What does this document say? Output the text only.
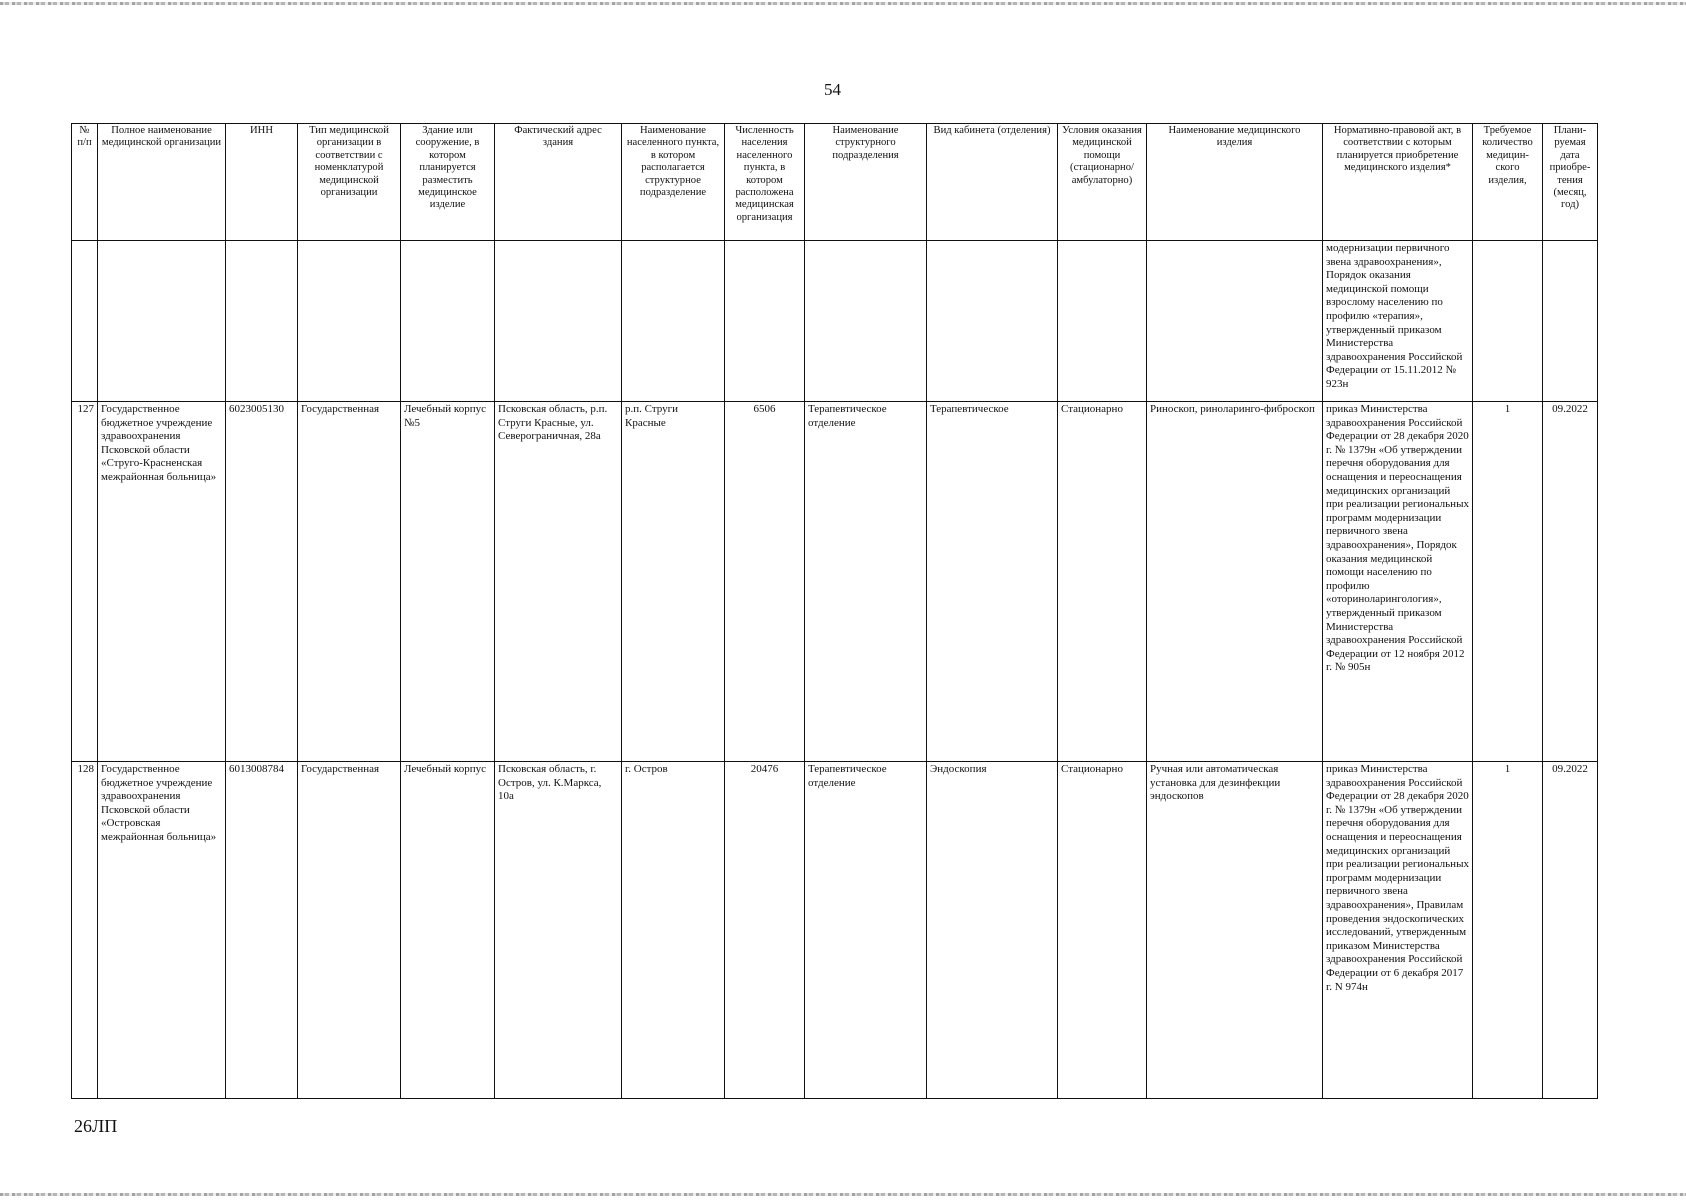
54
№ п/п	Полное наименование медицинской организации	ИНН	Тип медицинской организации в соответствии с номенклатурой медицинской организации	Здание или сооружение, в котором планируется разместить медицинское изделие	Фактический адрес здания	Наименование населенного пункта, в котором располагается структурное подразделение	Численность населения населенного пункта, в котором расположена медицинская организация	Наименование структурного подразделения	Вид кабинета (отделения)	Условия оказания медицинской помощи (стационарно/ амбулаторно)	Наименование медицинского изделия	Нормативно-правовой акт, в соответствии с которым планируется приобретение медицинского изделия*	Требуемое количество медицин-ского изделия,	Плани-руемая дата приобре-тения (месяц, год)
												модернизации первичного звена здравоохранения», Порядок оказания медицинской помощи взрослому населению по профилю «терапия», утвержденный приказом Министерства здравоохранения Российской Федерации от 15.11.2012 № 923н		
127	Государственное бюджетное учреждение здравоохранения Псковской области «Струго-Красненская межрайонная больница»	6023005130	Государственная	Лечебный корпус №5	Псковская область, р.п. Струги Красные, ул. Северограничная, 28а	р.п. Струги Красные	6506	Терапевтическое отделение	Терапевтическое	Стационарно	Риноскоп, риноларинго-фиброскоп	приказ Министерства здравоохранения Российской Федерации от 28 декабря 2020 г. № 1379н «Об утверждении перечня оборудования для оснащения и переоснащения медицинских организаций при реализации региональных программ модернизации первичного звена здравоохранения», Порядок оказания медицинской помощи населению по профилю «оториноларингология», утвержденный приказом Министерства здравоохранения Российской Федерации от 12 ноября 2012 г. № 905н	1	09.2022
128	Государственное бюджетное учреждение здравоохранения Псковской области «Островская межрайонная больница»	6013008784	Государственная	Лечебный корпус	Псковская область, г. Остров, ул. К.Маркса, 10а	г. Остров	20476	Терапевтическое отделение	Эндоскопия	Стационарно	Ручная или автоматическая установка для дезинфекции эндоскопов	приказ Министерства здравоохранения Российской Федерации от 28 декабря 2020 г. № 1379н «Об утверждении перечня оборудования для оснащения и переоснащения медицинских организаций при реализации региональных программ модернизации первичного звена здравоохранения», Правилам проведения эндоскопических исследований, утвержденным приказом Министерства здравоохранения Российской Федерации от 6 декабря 2017 г. N 974н	1	09.2022
26ЛП
